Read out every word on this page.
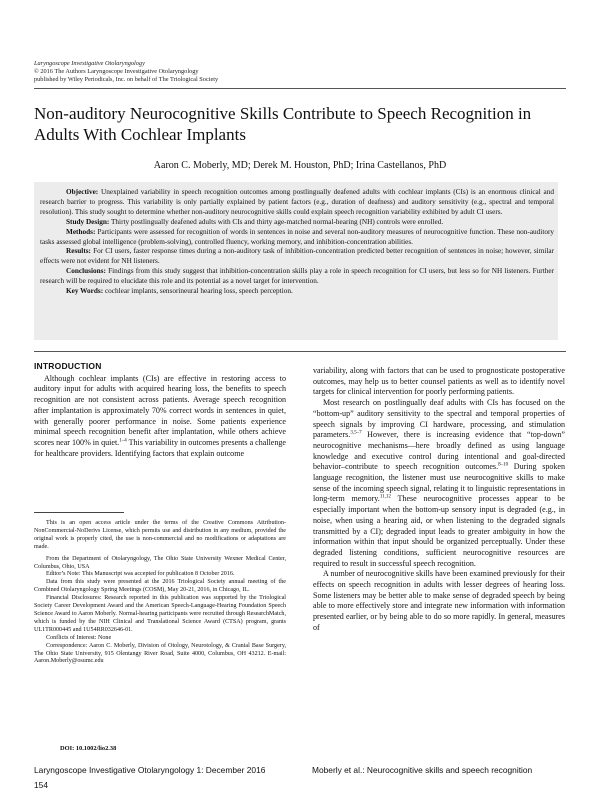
Laryngoscope Investigative Otolaryngology
© 2016 The Authors Laryngoscope Investigative Otolaryngology
published by Wiley Periodicals, Inc. on behalf of The Triological Society
Non-auditory Neurocognitive Skills Contribute to Speech Recognition in Adults With Cochlear Implants
Aaron C. Moberly, MD; Derek M. Houston, PhD; Irina Castellanos, PhD

Objective: Unexplained variability in speech recognition outcomes among postlingually deafened adults with cochlear implants (CIs) is an enormous clinical and research barrier to progress. This variability is only partially explained by patient factors (e.g., duration of deafness) and auditory sensitivity (e.g., spectral and temporal resolution). This study sought to determine whether non-auditory neurocognitive skills could explain speech recognition variability exhibited by adult CI users.

Study Design: Thirty postlingually deafened adults with CIs and thirty age-matched normal-hearing (NH) controls were enrolled.

Methods: Participants were assessed for recognition of words in sentences in noise and several non-auditory measures of neurocognitive function. These non-auditory tasks assessed global intelligence (problem-solving), controlled fluency, working memory, and inhibition-concentration abilities.

Results: For CI users, faster response times during a non-auditory task of inhibition-concentration predicted better recognition of sentences in noise; however, similar effects were not evident for NH listeners.

Conclusions: Findings from this study suggest that inhibition-concentration skills play a role in speech recognition for CI users, but less so for NH listeners. Further research will be required to elucidate this role and its potential as a novel target for intervention.

Key Words: cochlear implants, sensorineural hearing loss, speech perception.

INTRODUCTION

Although cochlear implants (CIs) are effective in restoring access to auditory input for adults with acquired hearing loss, the benefits to speech recognition are not consistent across patients. Average speech recognition after implantation is approximately 70% correct words in sentences in quiet, with generally poorer performance in noise. Some patients experience minimal speech recognition benefit after implantation, while others achieve scores near 100% in quiet.$^{1-4}$ This variability in outcomes presents a challenge for healthcare providers. Identifying factors that explain outcome

This is an open access article under the terms of the Creative Commons Attribution-NonCommercial-NoDerivs License, which permits use and distribution in any medium, provided the original work is properly cited, the use is non-commercial and no modifications or adaptations are made.

From the Department of Otolaryngology, The Ohio State University Wexner Medical Center, Columbus, Ohio, USA

Editor’s Note: This Manuscript was accepted for publication 8 October 2016.

Data from this study were presented at the 2016 Triological Society annual meeting of the Combined Otolaryngology Spring Meetings (COSM), May 20-21, 2016, in Chicago, IL.

Financial Disclosures: Research reported in this publication was supported by the Triological Society Career Development Award and the American Speech-Language-Hearing Foundation Speech Science Award to Aaron Moberly. Normal-hearing participants were recruited through ResearchMatch, which is funded by the NIH Clinical and Translational Science Award (CTSA) program, grants UL1TR000445 and 1U54RR032646-01.

Conflicts of Interest: None

Correspondence: Aaron C. Moberly, Division of Otology, Neurotology, & Cranial Base Surgery, The Ohio State University, 915 Olentangy River Road, Suite 4000, Columbus, OH 43212. E-mail: Aaron.Moberly@osumc.edu

DOI: 10.1002/lio2.38

variability, along with factors that can be used to prognosticate postoperative outcomes, may help us to better counsel patients as well as to identify novel targets for clinical intervention for poorly performing patients.

Most research on postlingually deaf adults with CIs has focused on the “bottom-up” auditory sensitivity to the spectral and temporal properties of speech signals by improving CI hardware, processing, and stimulation parameters.$^{3,5-7}$ However, there is increasing evidence that “top-down” neurocognitive mechanisms—here broadly defined as using language knowledge and executive control during intentional and goal-directed behavior–contribute to speech recognition outcomes.$^{8-10}$ During spoken language recognition, the listener must use neurocognitive skills to make sense of the incoming speech signal, relating it to linguistic representations in long-term memory.$^{11,12}$ These neurocognitive processes appear to be especially important when the bottom-up sensory input is degraded (e.g., in noise, when using a hearing aid, or when listening to the degraded signals transmitted by a CI); degraded input leads to greater ambiguity in how the information within that input should be organized perceptually. Under these degraded listening conditions, sufficient neurocognitive resources are required to result in successful speech recognition.

A number of neurocognitive skills have been examined previously for their effects on speech recognition in adults with lesser degrees of hearing loss. Some listeners may be better able to make sense of degraded speech by being able to more effectively store and integrate new information with information presented earlier, or by being able to do so more rapidly. In general, measures of

Laryngoscope Investigative Otolaryngology 1: December 2016	Moberly et al.: Neurocognitive skills and speech recognition
154
